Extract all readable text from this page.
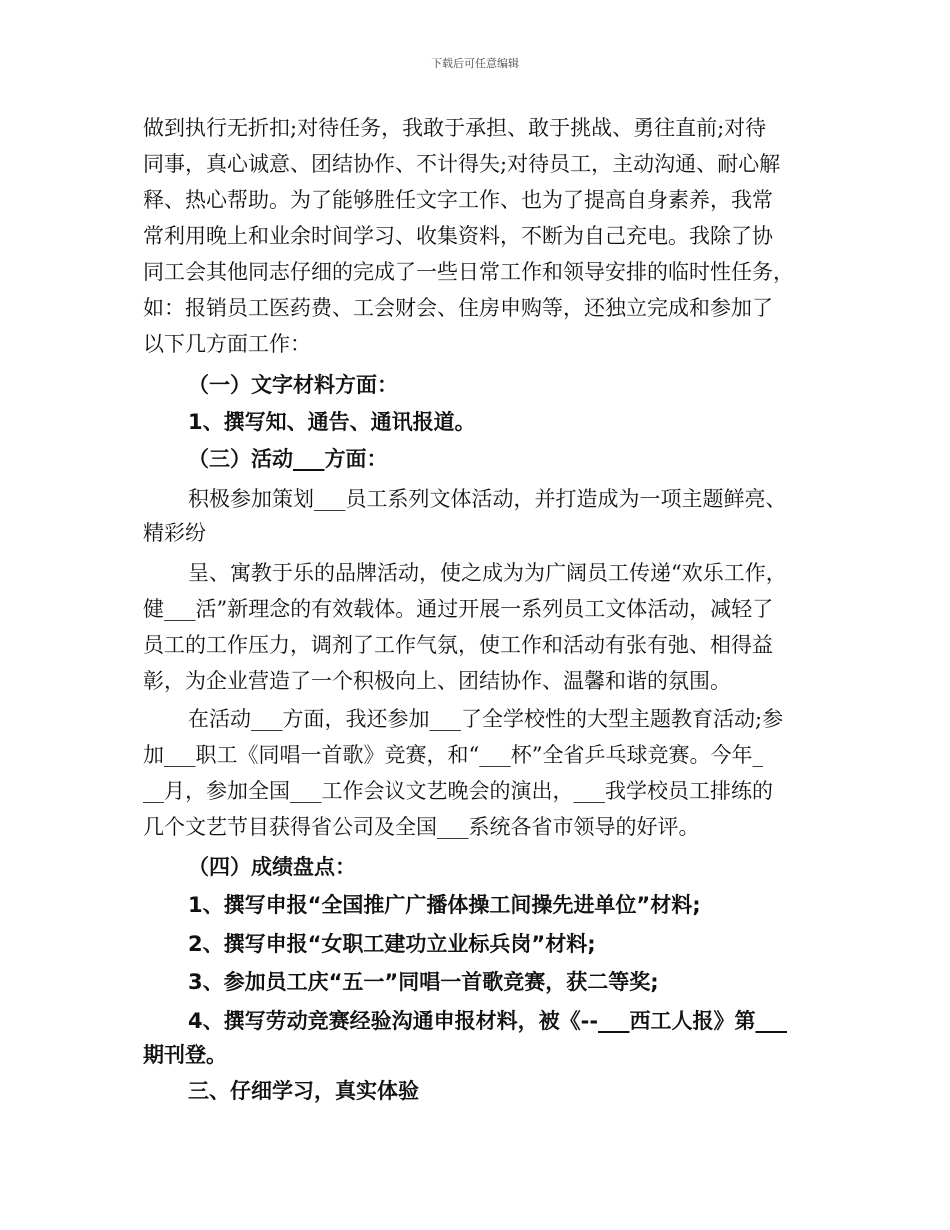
下载后可任意编辑
做到执行无折扣;对待任务，我敢于承担、敢于挑战、勇往直前;对待
同事，真心诚意、团结协作、不计得失;对待员工，主动沟通、耐心解
释、热心帮助。为了能够胜任文字工作、也为了提高自身素养，我常
常利用晚上和业余时间学习、收集资料，不断为自己充电。我除了协
同工会其他同志仔细的完成了一些日常工作和领导安排的临时性任务，
如：报销员工医药费、工会财会、住房申购等，还独立完成和参加了
以下几方面工作：
（一）文字材料方面：
1、撰写知、通告、通讯报道。
（三）活动___方面：
积极参加策划___员工系列文体活动，并打造成为一项主题鲜亮、
精彩纷
呈、寓教于乐的品牌活动，使之成为为广阔员工传递“欢乐工作，
健___活”新理念的有效载体。通过开展一系列员工文体活动，减轻了
员工的工作压力，调剂了工作气氛，使工作和活动有张有弛、相得益
彰，为企业营造了一个积极向上、团结协作、温馨和谐的氛围。
在活动___方面，我还参加___了全学校性的大型主题教育活动;参
加___职工《同唱一首歌》竞赛，和“___杯”全省乒乓球竞赛。今年_
__月，参加全国___工作会议文艺晚会的演出，___我学校员工排练的
几个文艺节目获得省公司及全国___系统各省市领导的好评。
（四）成绩盘点：
1、撰写申报“全国推广广播体操工间操先进单位”材料;
2、撰写申报“女职工建功立业标兵岗”材料;
3、参加员工庆“五一”同唱一首歌竞赛，获二等奖;
4、撰写劳动竞赛经验沟通申报材料，被《--___西工人报》第___
期刊登。
三、仔细学习，真实体验
